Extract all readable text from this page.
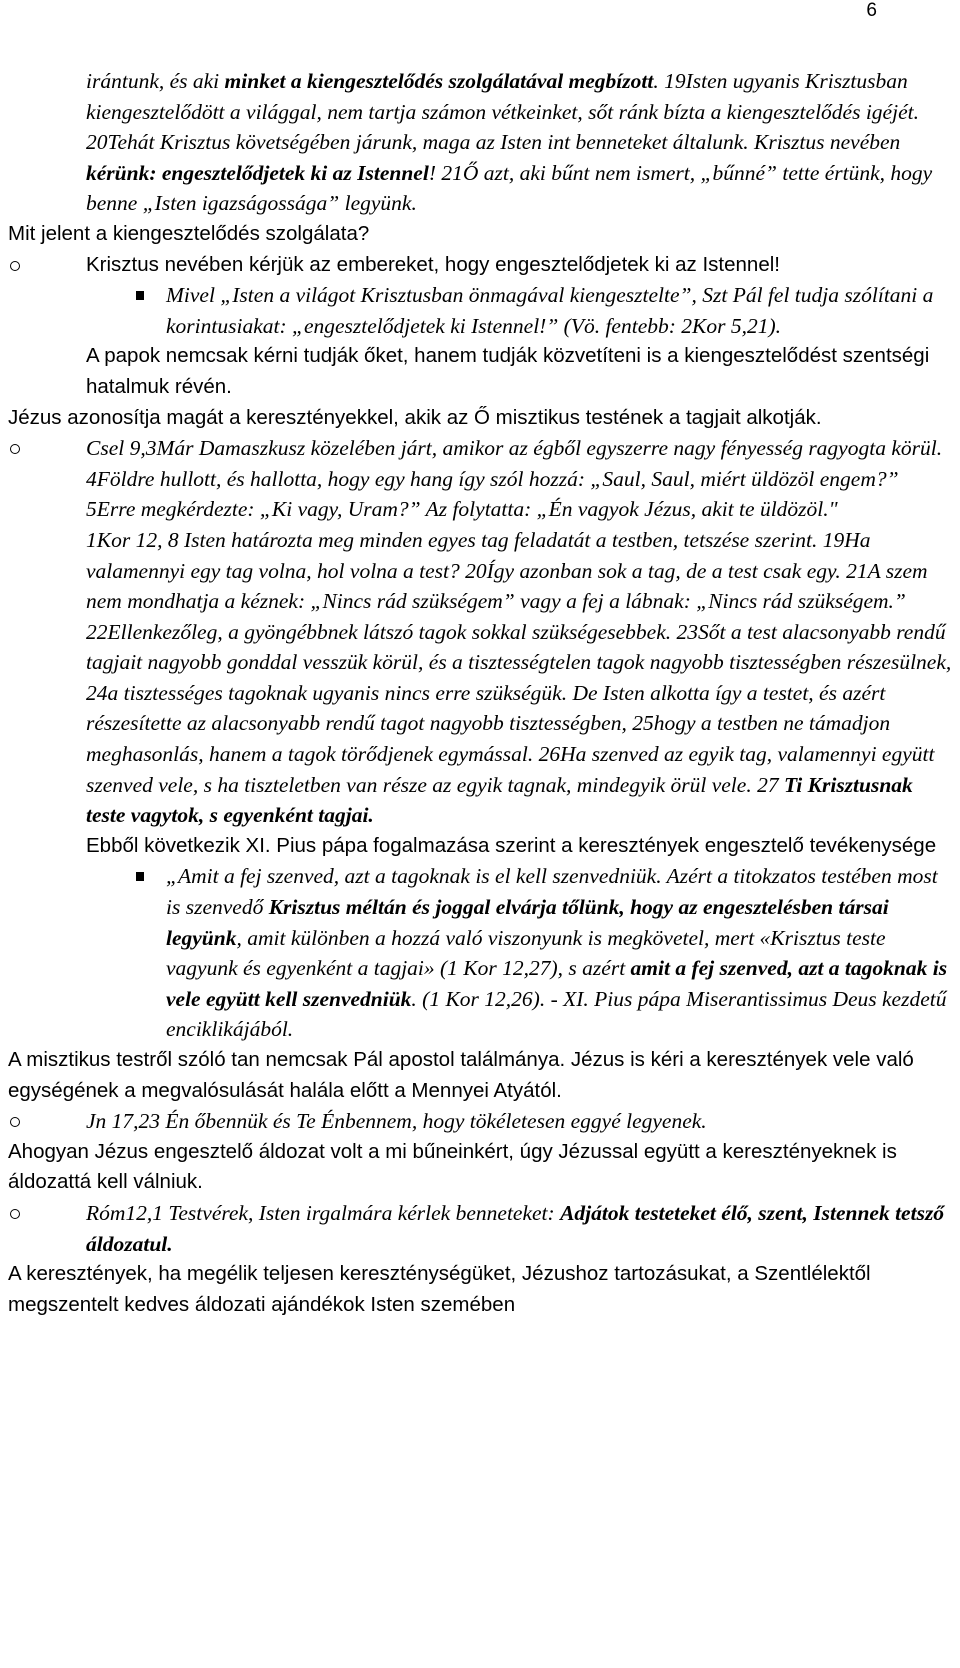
6

irántunk, és aki minket a kiengesztelődés szolgálatával megbízott. 19Isten ugyanis Krisztusban kiengesztelődött a világgal, nem tartja számon vétkeinket, sőt ránk bízta a kiengesztelődés igéjét. 20Tehát Krisztus követségében járunk, maga az Isten int benneteket általunk. Krisztus nevében kérünk: engesztelődjetek ki az Istennel! 21Ő azt, aki bűnt nem ismert, „bűnné” tette értünk, hogy benne „Isten igazságossága” legyünk.

Mit jelent a kiengesztelődés szolgálata?

Krisztus nevében kérjük az embereket, hogy engesztelődjetek ki az Istennel!

Mivel „Isten a világot Krisztusban önmagával kiengesztelte”, Szt Pál fel tudja szólítani a korintusiakat: „engesztelődjetek ki Istennel!” (Vö. fentebb: 2Kor 5,21).

A papok nemcsak kérni tudják őket, hanem tudják közvetíteni is a kiengesztelődést szentségi hatalmuk révén.

Jézus azonosítja magát a keresztényekkel, akik az Ő misztikus testének a tagjait alkotják.

Csel 9,3Már Damaszkusz közelében járt, amikor az égből egyszerre nagy fényesség ragyogta körül. 4Földre hullott, és hallotta, hogy egy hang így szól hozzá: „Saul, Saul, miért üldözöl engem?” 5Erre megkérdezte: „Ki vagy, Uram?” Az folytatta: „Én vagyok Jézus, akit te üldözöl."

1Kor 12, 8 Isten határozta meg minden egyes tag feladatát a testben, tetszése szerint. 19Ha valamennyi egy tag volna, hol volna a test? 20Így azonban sok a tag, de a test csak egy. 21A szem nem mondhatja a kéznek: „Nincs rád szükségem” vagy a fej a lábnak: „Nincs rád szükségem.” 22Ellenkezőleg, a gyöngébbnek látszó tagok sokkal szükségesebbek. 23Sőt a test alacsonyabb rendű tagjait nagyobb gonddal vesszük körül, és a tisztességtelen tagok nagyobb tisztességben részesülnek, 24a tisztességes tagoknak ugyanis nincs erre szükségük. De Isten alkotta így a testet, és azért részesítette az alacsonyabb rendű tagot nagyobb tisztességben, 25hogy a testben ne támadjon meghasonlás, hanem a tagok törődjenek egymással. 26Ha szenved az egyik tag, valamennyi együtt szenved vele, s ha tiszteletben van része az egyik tagnak, mindegyik örül vele. 27 Ti Krisztusnak teste vagytok, s egyenként tagjai.

Ebből következik XI. Pius pápa fogalmazása szerint a keresztények engesztelő tevékenysége

„Amit a fej szenved, azt a tagoknak is el kell szenvedniük. Azért a titokzatos testében most is szenvedő Krisztus méltán és joggal elvárja tőlünk, hogy az engesztelésben társai legyünk, amit különben a hozzá való viszonyunk is megkövetel, mert «Krisztus teste vagyunk és egyenként a tagjai» (1 Kor 12,27), s azért amit a fej szenved, azt a tagoknak is vele együtt kell szenvedniük. (1 Kor 12,26). - XI. Pius pápa Miserantissimus Deus kezdetű enciklikájából.

A misztikus testről szóló tan nemcsak Pál apostol találmánya. Jézus is kéri a keresztények vele való egységének a megvalósulását halála előtt a Mennyei Atyától.

Jn 17,23 Én őbennük és Te Énbennem, hogy tökéletesen eggyé legyenek.

Ahogyan Jézus engesztelő áldozat volt a mi bűneinkért, úgy Jézussal együtt a keresztényeknek is áldozattá kell válniuk.

Róm12,1 Testvérek, Isten irgalmára kérlek benneteket: Adjátok testeteket élő, szent, Istennek tetsző áldozatul.

A keresztények, ha megélik teljesen kereszténységüket, Jézushoz tartozásukat, a Szentlélektől megszentelt kedves áldozati ajándékok Isten szemében
